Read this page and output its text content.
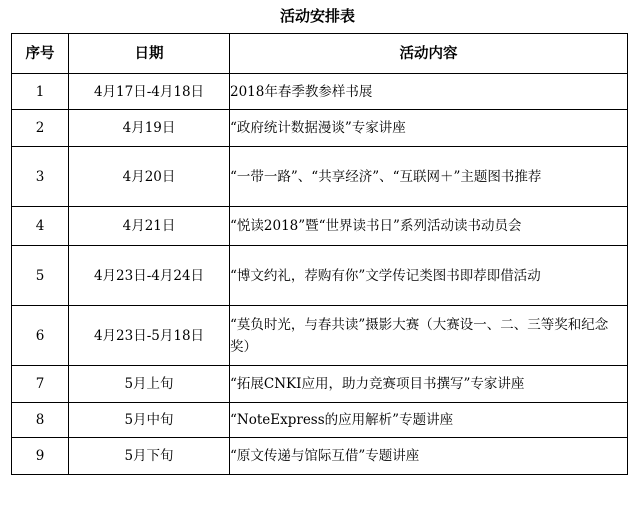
活动安排表
序号	日期	活动内容
1	4月17日-4月18日	2018年春季教参样书展
2	4月19日	“政府统计数据漫谈”专家讲座
3	4月20日	“一带一路”、“共享经济”、“互联网＋”主题图书推荐
4	4月21日	“悦读2018”暨“世界读书日”系列活动读书动员会
5	4月23日-4月24日	“博文约礼，荐购有你”文学传记类图书即荐即借活动
6	4月23日-5月18日	“莫负时光，与春共读”摄影大赛（大赛设一、二、三等奖和纪念奖）
7	5月上旬	“拓展CNKI应用，助力竞赛项目书撰写”专家讲座
8	5月中旬	“NoteExpress的应用解析”专题讲座
9	5月下旬	“原文传递与馆际互借”专题讲座
